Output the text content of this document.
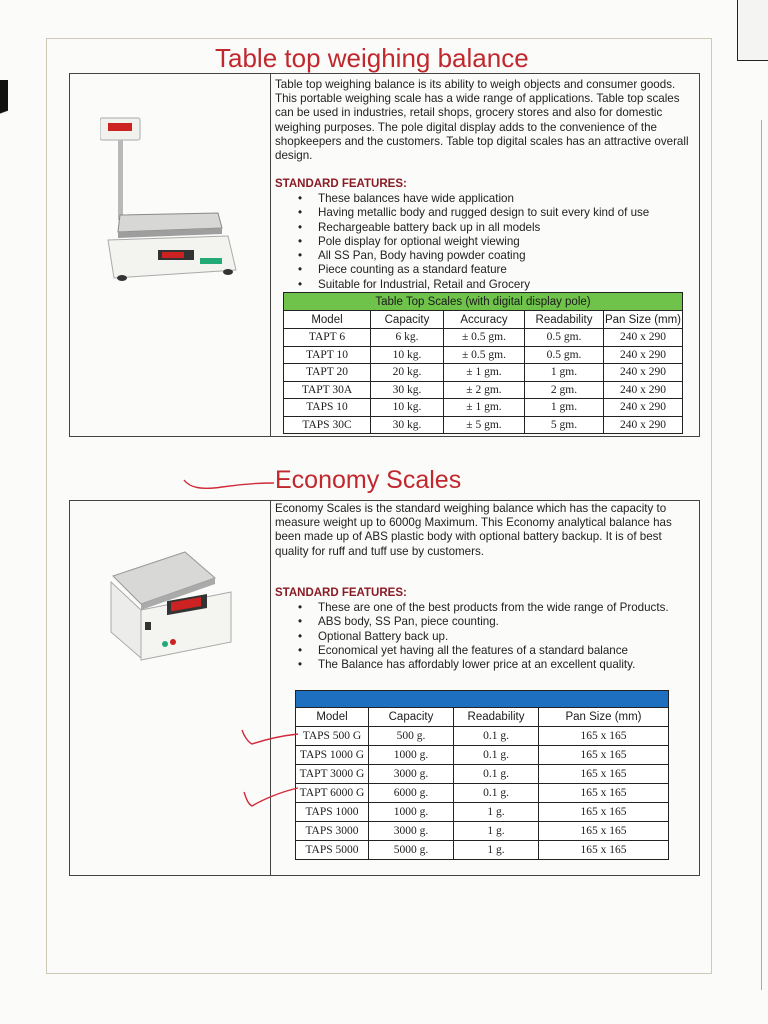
Table top weighing balance
Table top weighing balance is its ability to weigh objects and consumer goods. This portable weighing scale has a wide range of applications. Table top scales can be used in industries, retail shops, grocery stores and also for domestic weighing purposes. The pole digital display adds to the convenience of the shopkeepers and the customers. Table top digital scales has an attractive overall design.
STANDARD FEATURES:
• These balances have wide application
• Having metallic body and rugged design to suit every kind of use
• Rechargeable battery back up in all models
• Pole display for optional weight viewing
• All SS Pan, Body having powder coating
• Piece counting as a standard feature
• Suitable for Industrial, Retail and Grocery
Table Top Scales (with digital display pole)				
Model	Capacity	Accuracy	Readability	Pan Size (mm)
TAPT 6	6 kg.	± 0.5 gm.	0.5 gm.	240 x 290
TAPT 10	10 kg.	± 0.5 gm.	0.5 gm.	240 x 290
TAPT 20	20 kg.	± 1 gm.	1 gm.	240 x 290
TAPT 30A	30 kg.	± 2 gm.	2 gm.	240 x 290
TAPS 10	10 kg.	± 1 gm.	1 gm.	240 x 290
TAPS 30C	30 kg.	± 5 gm.	5 gm.	240 x 290
Economy Scales
Economy Scales is the standard weighing balance which has the capacity to measure weight up to 6000g Maximum. This Economy analytical balance has been made up of ABS plastic body with optional battery backup. It is of best quality for ruff and tuff use by customers.
STANDARD FEATURES:
• These are one of the best products from the wide range of Products.
• ABS body, SS Pan, piece counting.
• Optional Battery back up.
• Economical yet having all the features of a standard balance
• The Balance has affordably lower price at an excellent quality.

Model	Capacity	Readability	Pan Size (mm)
TAPS 500 G	500 g.	0.1 g.	165 x 165
TAPS 1000 G	1000 g.	0.1 g.	165 x 165
TAPT 3000 G	3000 g.	0.1 g.	165 x 165
TAPT 6000 G	6000 g.	0.1 g.	165 x 165
TAPS 1000	1000 g.	1 g.	165 x 165
TAPS 3000	3000 g.	1 g.	165 x 165
TAPS 5000	5000 g.	1 g.	165 x 165
